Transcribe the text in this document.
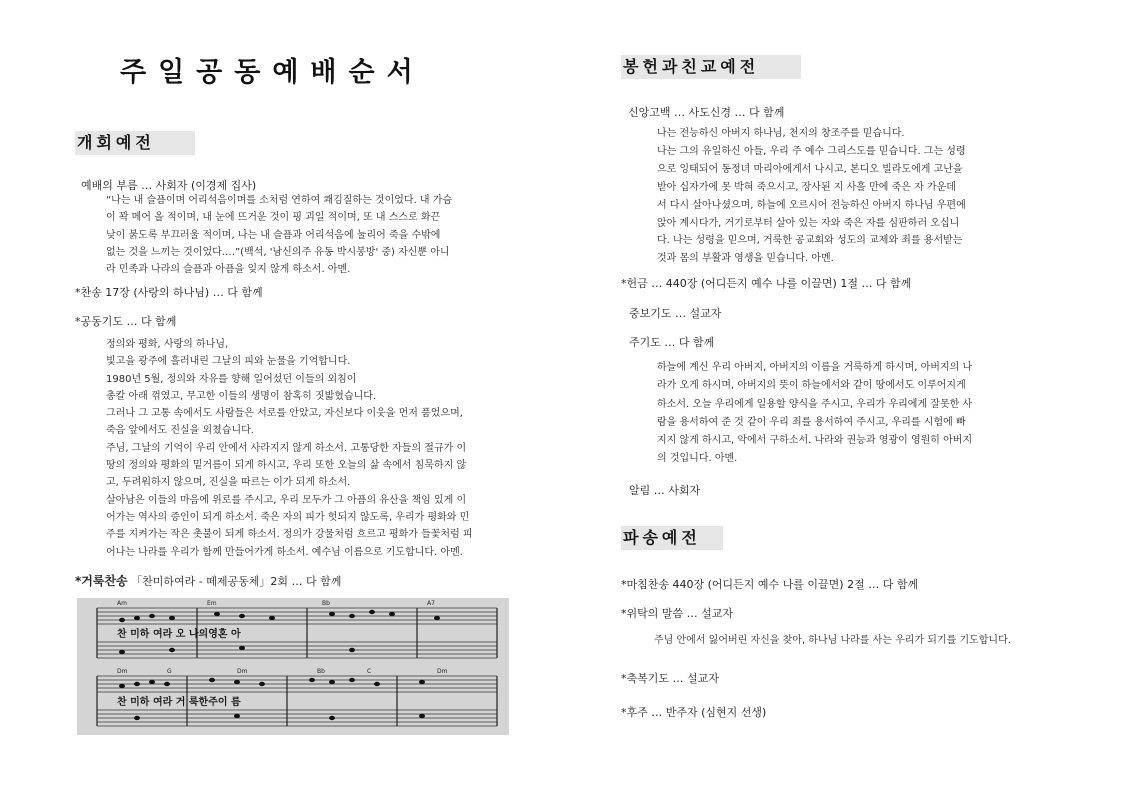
주일공동예배순서
개회예전
예배의 부름 … 사회자 (이경제 집사)
“나는 내 슬픔이며 어리석음이며를 소처럼 연하여 쾌김질하는 것이었다. 내 가슴
이 꽉 메어 올 적이며, 내 눈에 뜨거운 것이 핑 괴일 적이며, 또 내 스스로 화끈
낮이 붉도록 부끄러울 적이며, 나는 내 슬픔과 어리석음에 눌리어 죽을 수밖에
없는 것을 느끼는 것이었다.…”(백석, '남신의주 유동 박시봉방' 중) 자신뿐 아니
라 민족과 나라의 슬픔과 아픔을 잊지 않게 하소서. 아멘.
*찬송 17장 (사랑의 하나님) … 다 함께
*공동기도 … 다 함께
정의와 평화, 사랑의 하나님,
빛고을 광주에 흘러내린 그날의 피와 눈물을 기억합니다.
1980년 5월, 정의와 자유를 향해 일어섰던 이들의 외침이
총칼 아래 꺾였고, 무고한 이들의 생명이 참혹히 짓밟혔습니다.
그러나 그 고통 속에서도 사람들은 서로를 안았고, 자신보다 이웃을 먼저 품었으며,
죽음 앞에서도 진실을 외쳤습니다.
주님, 그날의 기억이 우리 안에서 사라지지 않게 하소서. 고통당한 자들의 절규가 이
땅의 정의와 평화의 밑거름이 되게 하시고, 우리 또한 오늘의 삶 속에서 침묵하지 않
고, 두려워하지 않으며, 진실을 따르는 이가 되게 하소서.
살아남은 이들의 마음에 위로를 주시고, 우리 모두가 그 아픔의 유산을 책임 있게 이
어가는 역사의 증인이 되게 하소서. 죽은 자의 피가 헛되지 않도록, 우리가 평화와 민
주를 지켜가는 작은 촛불이 되게 하소서. 정의가 강물처럼 흐르고 평화가 들꽃처럼 피
어나는 나라를 우리가 함께 만들어가게 하소서. 예수님 이름으로 기도합니다. 아멘.
*거룩찬송 「찬미하여라 - 떼제공동체」2회 … 다 함께
찬 미하 여라 오 나의영혼 아
찬 미하 여라 거 룩한주이 름
Am	Em	Bb	A7
Dm	G	Dm	Bb	C	Dm
봉헌과친교예전
신앙고백 … 사도신경 … 다 함께
나는 전능하신 아버지 하나님, 천지의 창조주를 믿습니다.
나는 그의 유일하신 아들, 우리 주 예수 그리스도를 믿습니다. 그는 성령
으로 잉태되어 동정녀 마리아에게서 나시고, 본디오 빌라도에게 고난을
받아 십자가에 못 박혀 죽으시고, 장사된 지 사흘 만에 죽은 자 가운데
서 다시 살아나셨으며, 하늘에 오르시어 전능하신 아버지 하나님 우편에
앉아 계시다가, 거기로부터 살아 있는 자와 죽은 자를 심판하러 오십니
다. 나는 성령을 믿으며, 거룩한 공교회와 성도의 교제와 죄를 용서받는
것과 몸의 부활과 영생을 믿습니다. 아멘.
*헌금 … 440장 (어디든지 예수 나를 이끌면) 1절 … 다 함께
중보기도 … 설교자
주기도 … 다 함께
하늘에 계신 우리 아버지, 아버지의 이름을 거룩하게 하시며, 아버지의 나
라가 오게 하시며, 아버지의 뜻이 하늘에서와 같이 땅에서도 이루어지게
하소서. 오늘 우리에게 일용할 양식을 주시고, 우리가 우리에게 잘못한 사
람을 용서하여 준 것 같이 우리 죄를 용서하여 주시고, 우리를 시험에 빠
지지 않게 하시고, 악에서 구하소서. 나라와 권능과 영광이 영원히 아버지
의 것입니다. 아멘.
알림 … 사회자
파송예전
*마침찬송 440장 (어디든지 예수 나를 이끌면) 2절 … 다 함께
*위탁의 말씀 … 설교자
주님 안에서 잃어버린 자신을 찾아, 하나님 나라를 사는 우리가 되기를 기도합니다.
*축복기도 … 설교자
*후주 … 반주자 (심현지 선생)
